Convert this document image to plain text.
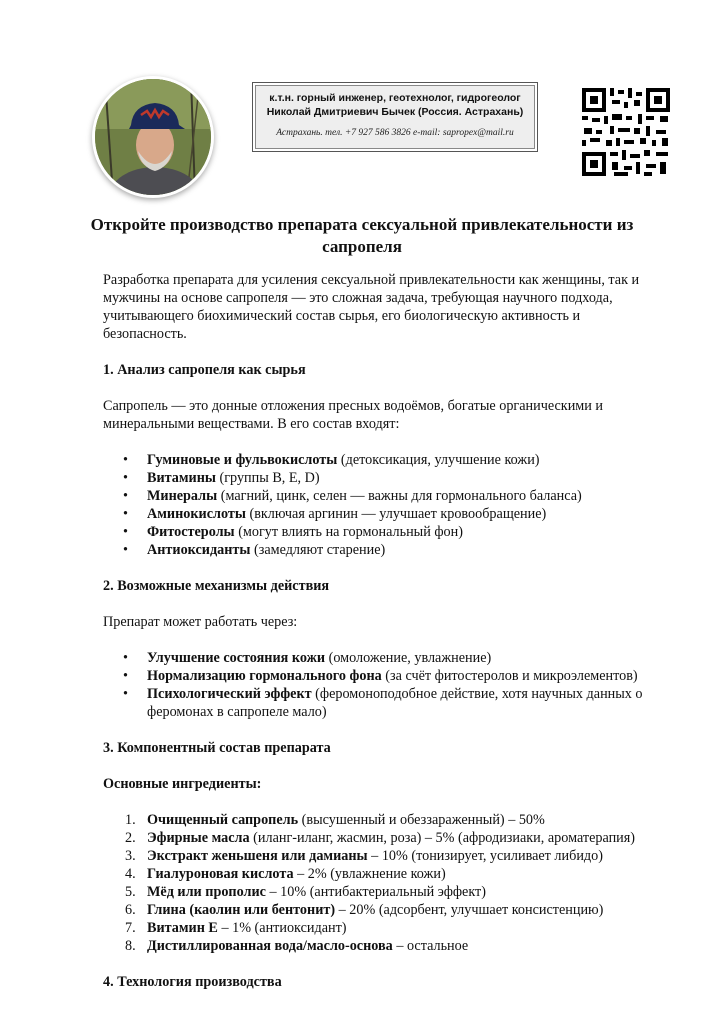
к.т.н. горный инженер, геотехнолог, гидрогеолог
Николай Дмитриевич Бычек (Россия. Астрахань)
Астрахань. тел. +7 927 586 3826 e-mail: sapropex@mail.ru
Откройте производство препарата сексуальной привлекательности из сапропеля

Разработка препарата для усиления сексуальной привлекательности как женщины, так и мужчины на основе сапропеля — это сложная задача, требующая научного подхода, учитывающего биохимический состав сырья, его биологическую активность и безопасность.

1. Анализ сапропеля как сырья

Сапропель — это донные отложения пресных водоёмов, богатые органическими и минеральными веществами. В его состав входят:

• Гуминовые и фульвокислоты (детоксикация, улучшение кожи)
• Витамины (группы В, Е, D)
• Минералы (магний, цинк, селен — важны для гормонального баланса)
• Аминокислоты (включая аргинин — улучшает кровообращение)
• Фитостеролы (могут влиять на гормональный фон)
• Антиоксиданты (замедляют старение)
2. Возможные механизмы действия

Препарат может работать через:

• Улучшение состояния кожи (омоложение, увлажнение)
• Нормализацию гормонального фона (за счёт фитостеролов и микроэлементов)
• Психологический эффект (феромоноподобное действие, хотя научных данных о феромонах в сапропеле мало)
3. Компонентный состав препарата
Основные ингредиенты:
1. Очищенный сапропель (высушенный и обеззараженный) – 50%
2. Эфирные масла (иланг-иланг, жасмин, роза) – 5% (афродизиаки, ароматерапия)
3. Экстракт женьшеня или дамианы – 10% (тонизирует, усиливает либидо)
4. Гиалуроновая кислота – 2% (увлажнение кожи)
5. Мёд или прополис – 10% (антибактериальный эффект)
6. Глина (каолин или бентонит) – 20% (адсорбент, улучшает консистенцию)
7. Витамин Е – 1% (антиоксидант)
8. Дистиллированная вода/масло-основа – остальное
4. Технология производства
